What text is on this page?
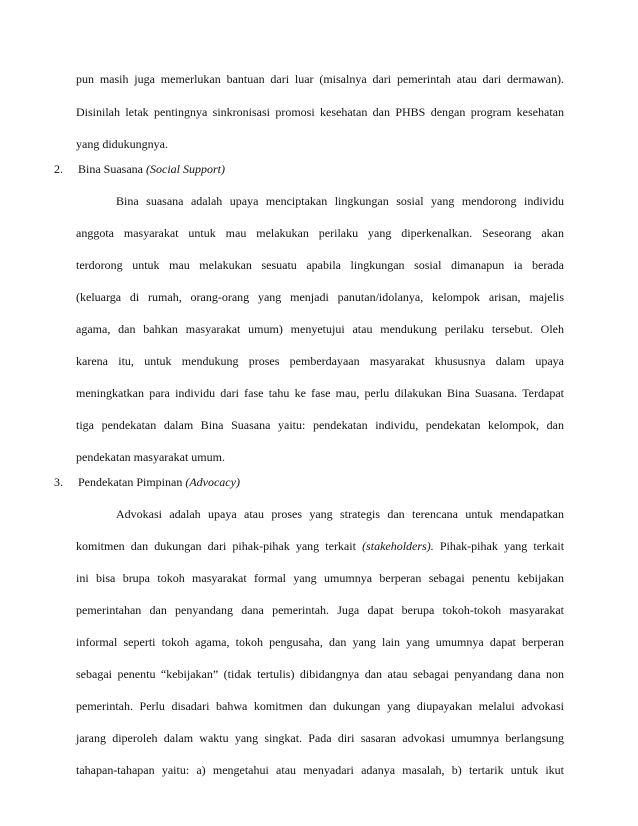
pun masih juga memerlukan bantuan dari luar (misalnya dari pemerintah atau dari dermawan).
Disinilah letak pentingnya sinkronisasi promosi kesehatan dan PHBS dengan program kesehatan
yang didukungnya.
2. Bina Suasana (Social Support)
Bina suasana adalah upaya menciptakan lingkungan sosial yang mendorong individu
anggota masyarakat untuk mau melakukan perilaku yang diperkenalkan. Seseorang akan
terdorong untuk mau melakukan sesuatu apabila lingkungan sosial dimanapun ia berada
(keluarga di rumah, orang-orang yang menjadi panutan/idolanya, kelompok arisan, majelis
agama, dan bahkan masyarakat umum) menyetujui atau mendukung perilaku tersebut. Oleh
karena itu, untuk mendukung proses pemberdayaan masyarakat khususnya dalam upaya
meningkatkan para individu dari fase tahu ke fase mau, perlu dilakukan Bina Suasana. Terdapat
tiga pendekatan dalam Bina Suasana yaitu: pendekatan individu, pendekatan kelompok, dan
pendekatan masyarakat umum.
3. Pendekatan Pimpinan (Advocacy)
Advokasi adalah upaya atau proses yang strategis dan terencana untuk mendapatkan
komitmen dan dukungan dari pihak-pihak yang terkait (stakeholders). Pihak-pihak yang terkait
ini bisa brupa tokoh masyarakat formal yang umumnya berperan sebagai penentu kebijakan
pemerintahan dan penyandang dana pemerintah. Juga dapat berupa tokoh-tokoh masyarakat
informal seperti tokoh agama, tokoh pengusaha, dan yang lain yang umumnya dapat berperan
sebagai penentu “kebijakan” (tidak tertulis) dibidangnya dan atau sebagai penyandang dana non
pemerintah. Perlu disadari bahwa komitmen dan dukungan yang diupayakan melalui advokasi
jarang diperoleh dalam waktu yang singkat. Pada diri sasaran advokasi umumnya berlangsung
tahapan-tahapan yaitu: a) mengetahui atau menyadari adanya masalah, b) tertarik untuk ikut
